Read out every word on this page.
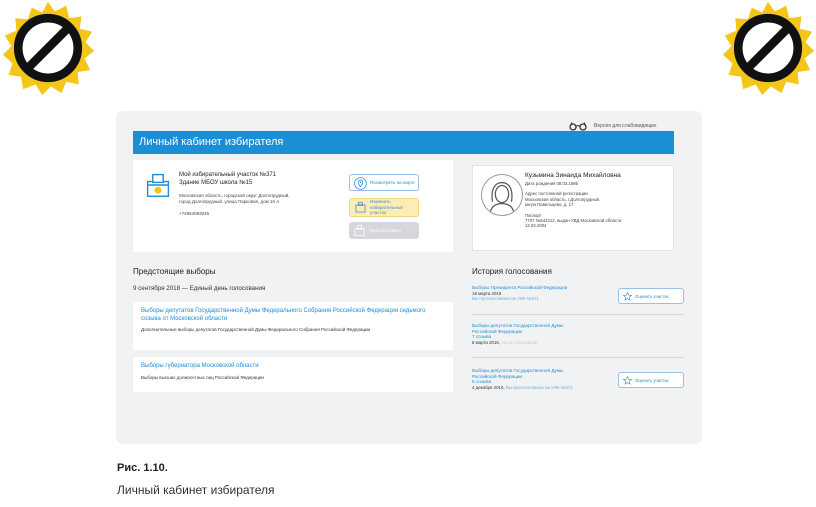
Версия для слабовидящих
Личный кабинет избирателя
Мой избирательный участок №371
Здание МБОУ школа №15
Московская область, городской округ Долгопрудный,
город Долгопрудный, улица Парковая, дом 10 А
+74954083045
Посмотреть на карте
Изменить избирательный
участок
Проголосовать
Кузьмина Зинаида Михайловна
Дата рождения 08.03.1986
Адрес постоянной регистрации
Московская область, г.Долгопрудный,
мк-рн Павельцево, д. 17
Паспорт
7707 №542212, выдан УВД Московской области
12.04.2004
Предстоящие выборы
9 сентября 2018 — Единый день голосования
Выборы депутатов Государственной Думы Федерального Собрания Российской Федерации седьмого
созыва от Московской области
Дополнительные выборы депутатов Государственной Думы Федерального Собрания Российской Федерации
Выборы губернатора Московской области
Выборы высших должностных лиц Российской Федерации
История голосования
Выборы Президента Российской Федерации
18 марта 2018
Вы проголосовали на УИК №371	Оценить участок
Выборы депутатов Государственной Думы
Российской Федерации
7 созыва
8 марта 2016, вы не голосовали
Выборы депутатов Государственной Думы
Российской Федерации
6 созыва
4 декабря 2016, Вы проголосовали на УИК №371
Оценить участок
Рис. 1.10.
Личный кабинет избирателя
